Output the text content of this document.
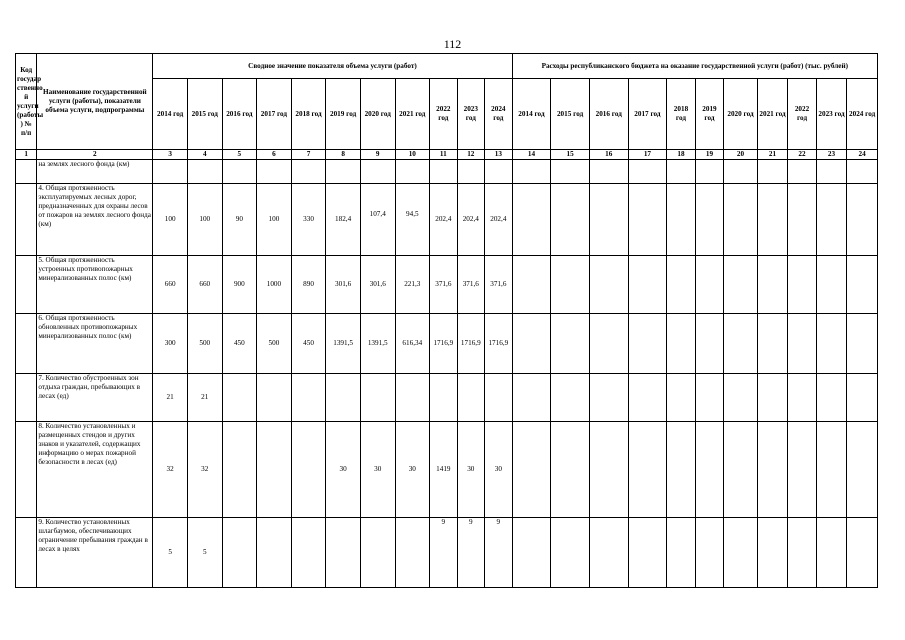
112
Код государ ственно й услуги (работы ) № п/п	Наименование государственной услуги (работы), показатели объема услуги, подпрограммы	Сводное значение показателя объема услуги (работ)											Расходы республиканского бюджета на оказание государственной услуги (работ) (тыс. рублей)										
		2014 год	2015 год	2016 год	2017 год	2018 год	2019 год	2020 год	2021 год	2022 год	2023 год	2024 год	2014 год	2015 год	2016 год	2017 год	2018 год	2019 год	2020 год	2021 год	2022 год	2023 год	2024 год
1	2	3	4	5	6	7	8	9	10	11	12	13	14	15	16	17	18	19	20	21	22	23	24
	на землях лесного фонда (км)																						
	4. Общая протяженность эксплуатируемых лесных дорог, предназначенных для охраны лесов от пожаров на землях лесного фонда (км)	100	100	90	100	330	182,4	107,4	94,5	202,4	202,4	202,4											
	5. Общая протяженность устроенных противопожарных минерализованных полос (км)	660	660	900	1000	890	301,6	301,6	221,3	371,6	371,6	371,6											
	6. Общая протяженность обновленных противопожарных минерализованных полос (км)	300	500	450	500	450	1391,5	1391,5	616,34	1716,9	1716,9	1716,9											
	7. Количество обустроенных зон отдыха граждан, пребывающих в лесах (ед)	21	21																				
	8. Количество установленных и размещенных стендов и других знаков и указателей, содержащих информацию о мерах пожарной безопасности в лесах (ед)	32	32				30	30	30	1419	30	30											
	9. Количество установленных шлагбаумов, обеспечивающих ограничение пребывания граждан в лесах в целях	5	5							9	9	9											
